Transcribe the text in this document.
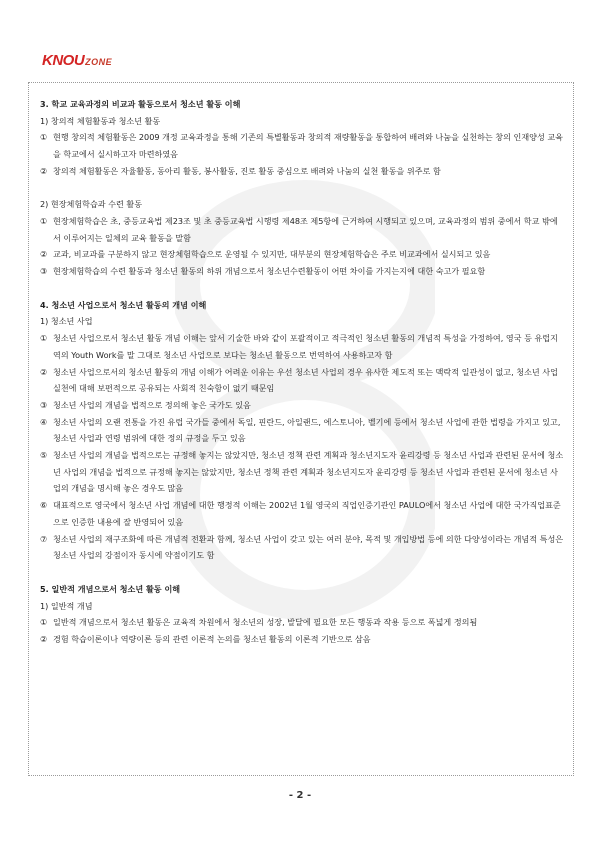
KNOUZONE

3. 학교 교육과정의 비교과 활동으로서 청소년 활동 이해

1) 창의적 체험활동과 청소년 활동

① 현행 창의적 체험활동은 2009 개정 교육과정을 통해 기존의 특별활동과 창의적 재량활동을 통합하여 배려와 나눔을 실천하는 창의 인재양성 교육을 학교에서 실시하고자 마련하였음

② 창의적 체험활동은 자율활동, 동아리 활동, 봉사활동, 진로 활동 중심으로 배려와 나눔의 실천 활동을 위주로 함

2) 현장체험학습과 수련 활동

① 현장체험학습은 초, 중등교육법 제23조 및 초 중등교육법 시행령 제48조 제5항에 근거하여 시행되고 있으며, 교육과정의 범위 중에서 학교 밖에서 이루어지는 일체의 교육 활동을 말함

② 교과, 비교과를 구분하지 않고 현장체험학습으로 운영될 수 있지만, 대부분의 현장체험학습은 주로 비교과에서 실시되고 있음

③ 현장체험학습의 수련 활동과 청소년 활동의 하위 개념으로서 청소년수련활동이 어떤 차이를 가지는지에 대한 숙고가 필요함

4. 청소년 사업으로서 청소년 활동의 개념 이해

1) 청소년 사업

① 청소년 사업으로서 청소년 활동 개념 이해는 앞서 기술한 바와 같이 포괄적이고 적극적인 청소년 활동의 개념적 특성을 가정하여, 영국 등 유럽지역의 Youth Work를 말 그대로 청소년 사업으로 보다는 청소년 활동으로 번역하여 사용하고자 함

② 청소년 사업으로서의 청소년 활동의 개념 이해가 어려운 이유는 우선 청소년 사업의 경우 유사한 제도적 또는 맥락적 일관성이 없고, 청소년 사업 실천에 대해 보편적으로 공유되는 사회적 친숙함이 없기 때문임

③ 청소년 사업의 개념을 법적으로 정의해 놓은 국가도 있음

④ 청소년 사업의 오랜 전통을 가진 유럽 국가들 중에서 독일, 핀란드, 아일랜드, 에스토니아, 벨기에 등에서 청소년 사업에 관한 법령을 가지고 있고, 청소년 사업과 연령 범위에 대한 정의 규정을 두고 있음

⑤ 청소년 사업의 개념을 법적으로는 규정해 놓지는 않았지만, 청소년 정책 관련 계획과 청소년지도자 윤리강령 등 청소년 사업과 관련된 문서에 청소년 사업의 개념을 법적으로 규정해 놓지는 않았지만, 청소년 정책 관련 계획과 청소년지도자 윤리강령 등 청소년 사업과 관련된 문서에 청소년 사업의 개념을 명시해 놓은 경우도 많음

⑥ 대표적으로 영국에서 청소년 사업 개념에 대한 행정적 이해는 2002년 1월 영국의 직업인증기관인 PAULO에서 청소년 사업에 대한 국가직업표준으로 인증한 내용에 잘 반영되어 있음

⑦ 청소년 사업의 재구조화에 따른 개념적 전환과 함께, 청소년 사업이 갖고 있는 여러 분야, 목적 및 개입방법 등에 의한 다양성이라는 개념적 특성은 청소년 사업의 강점이자 동시에 약점이기도 함

5. 일반적 개념으로서 청소년 활동 이해

1) 일반적 개념

① 일반적 개념으로서 청소년 활동은 교육적 차원에서 청소년의 성장, 발달에 필요한 모든 행동과 작용 등으로 폭넓게 정의됨

② 경험 학습이론이나 역량이론 등의 관련 이론적 논의를 청소년 활동의 이론적 기반으로 삼음

- 2 -
